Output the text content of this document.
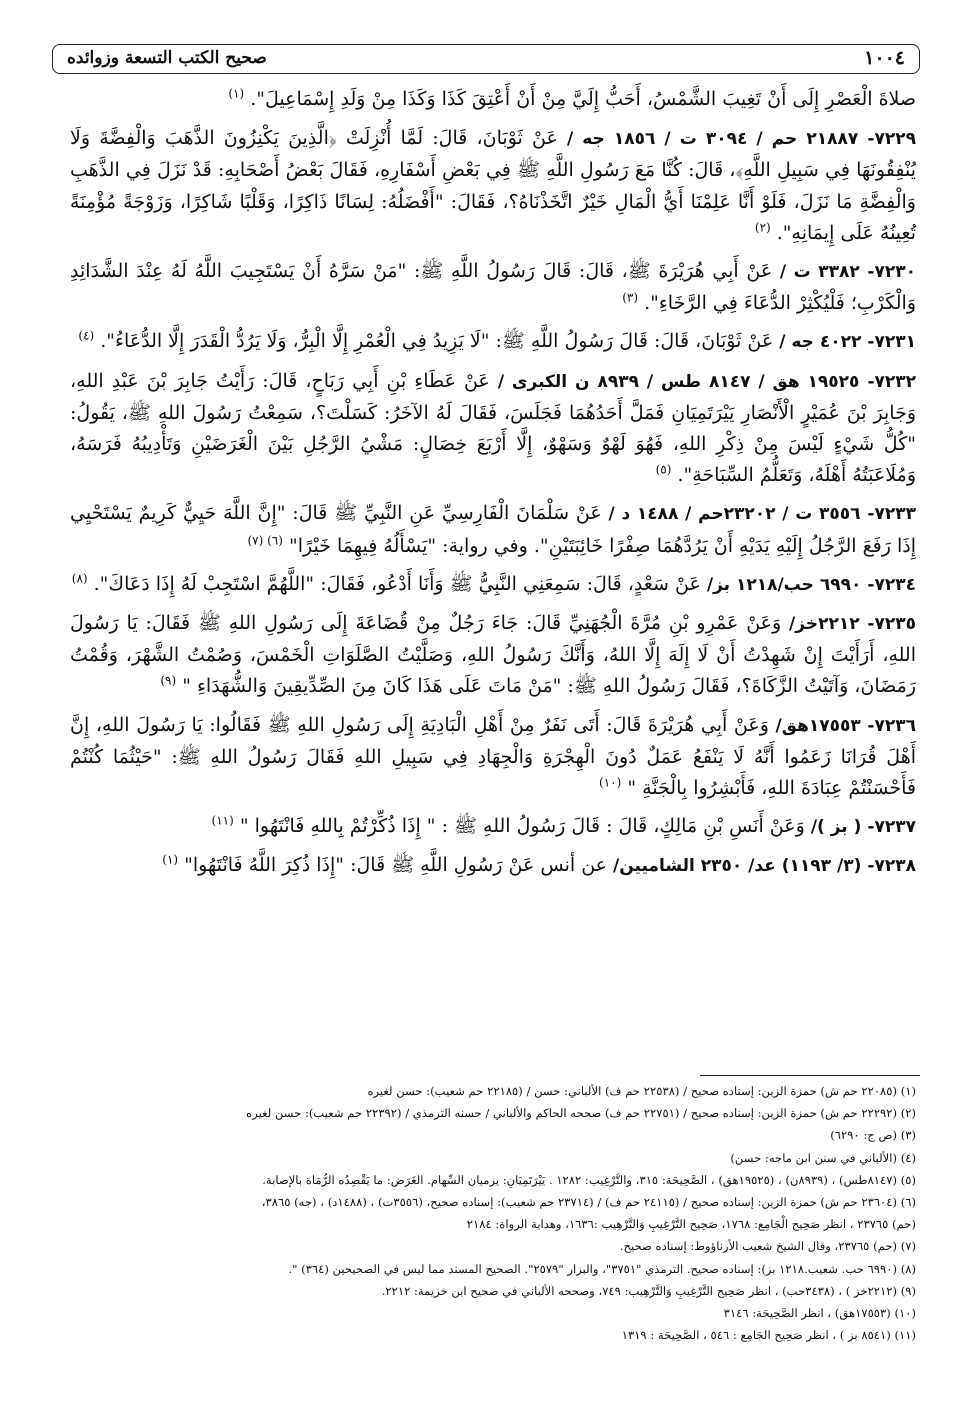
١٠٠٤
صحيح الكتب التسعة وزوائده

صلاةَ الْعَصْرِ إِلَى أَنْ تَغِيبَ الشَّمْسُ، أَحَبُّ إِلَيَّ مِنْ أَنْ أَعْتِقَ كَذَا وَكَذَا مِنْ وَلَدِ إِسْمَاعِيلَ". $^{(١)}$

٧٢٢٩- ٢١٨٨٧ حم / ٣٠٩٤ ت / ١٨٥٦ جه / عَنْ ثَوْبَانَ، قَالَ: لَمَّا أُنْزِلَتْ ﴿الَّذِينَ يَكْنِزُونَ الذَّهَبَ وَالْفِضَّةَ وَلَا يُنْفِقُونَهَا فِي سَبِيلِ اللَّهِ﴾، قَالَ: كُنَّا مَعَ رَسُولِ اللَّهِ ﷺ فِي بَعْضِ أَسْفَارِهِ، فَقَالَ بَعْضُ أَصْحَابِهِ: قَدْ نَزَلَ فِي الذَّهَبِ وَالْفِضَّةِ مَا نَزَلَ، فَلَوْ أَنَّا عَلِمْنَا أَيُّ الْمَالِ خَيْرٌ اتَّخَذْنَاهُ؟، فَقَالَ: "أَفْضَلُهُ: لِسَانًا ذَاكِرًا، وَقَلْبًا شَاكِرًا، وَزَوْجَةً مُؤْمِنَةً تُعِينُهُ عَلَى إِيمَانِهِ". $^{(٢)}$

٧٢٣٠- ٣٣٨٢ ت / عَنْ أَبِي هُرَيْرَةَ ﷺ، قَالَ: قَالَ رَسُولُ اللَّهِ ﷺ: "مَنْ سَرَّهُ أَنْ يَسْتَجِيبَ اللَّهُ لَهُ عِنْدَ الشَّدَائِدِ وَالْكَرْبِ؛ فَلْيُكْثِرْ الدُّعَاءَ فِي الرَّخَاءِ". $^{(٣)}$

٧٢٣١- ٤٠٢٢ جه / عَنْ ثَوْبَانَ، قَالَ: قَالَ رَسُولُ اللَّهِ ﷺ: "لَا يَزِيدُ فِي الْعُمْرِ إِلَّا الْبِرُّ، وَلَا يَرُدُّ الْقَدَرَ إِلَّا الدُّعَاءُ". $^{(٤)}$

٧٢٣٢- ١٩٥٢٥ هق / ٨١٤٧ طس / ٨٩٣٩ ن الكبرى / عَنْ عَطَاءِ بْنِ أَبِي رَبَاحٍ، قَالَ: رَأَيْتُ جَابِرَ بْنَ عَبْدِ اللهِ، وَجَابِرَ بْنَ عُمَيْرٍ الْأَنْصَارِ يَيْرَتَمِيَانِ فَمَلَّ أَحَدُهُمَا فَجَلَسَ، فَقَالَ لَهُ الآخَرُ: كَسَلْتَ؟، سَمِعْتُ رَسُولَ اللهِ ﷺ، يَقُولُ: "كُلُّ شَيْءٍ لَيْسَ مِنْ ذِكْرِ اللهِ، فَهُوَ لَهْوٌ وَسَهْوٌ، إِلَّا أَرْبَعَ خِصَالٍ: مَشْيُ الرَّجُلِ بَيْنَ الْغَرَضَيْنِ وَتَأْدِيبُهُ فَرَسَهُ، وَمُلَاعَبَتُهُ أَهْلَهُ، وَتَعَلُّمُ السِّبَاحَةِ". $^{(٥)}$

٧٢٣٣- ٣٥٥٦ ت / ٢٣٢٠٢حم / ١٤٨٨ د / عَنْ سَلْمَانَ الْفَارِسِيِّ عَنِ النَّبِيِّ ﷺ قَالَ: "إِنَّ اللَّهَ حَيِيٌّ كَرِيمٌ يَسْتَحْيِي إِذَا رَفَعَ الرَّجُلُ إِلَيْهِ يَدَيْهِ أَنْ يَرُدَّهُمَا صِفْرًا خَائِبَتَيْنِ". وفي رواية: "يَسْأَلُهُ فِيهِمَا خَيْرًا" $^{(٦) (٧)}$

٧٢٣٤- ٦٩٩٠ حب/١٢١٨ بز/ عَنْ سَعْدٍ، قَالَ: سَمِعَنِي النَّبِيُّ ﷺ وَأَنَا أَدْعُو، فَقَالَ: "اللَّهُمَّ اسْتَجِبْ لَهُ إِذَا دَعَاكَ". $^{(٨)}$

٧٢٣٥- ٢٢١٢خز/ وَعَنْ عَمْرِو بْنِ مُرَّةَ الْجُهَنِيِّ قَالَ: جَاءَ رَجُلٌ مِنْ قُضَاعَةَ إِلَى رَسُولِ اللهِ ﷺ فَقَالَ: يَا رَسُولَ اللهِ، أَرَأَيْتَ إِنْ شَهِدْتُ أَنْ لَا إِلَهَ إِلَّا اللهُ، وَأَنَّكَ رَسُولُ اللهِ، وَصَلَّيْتُ الصَّلَوَاتِ الْخَمْسَ، وَصُمْتُ الشَّهْرَ، وَقُمْتُ رَمَضَانَ، وَآتَيْتُ الزَّكَاةَ؟، فَقَالَ رَسُولُ اللهِ ﷺ: "مَنْ مَاتَ عَلَى هَذَا كَانَ مِنَ الصِّدِّيقِينَ وَالشُّهَدَاءِ " $^{(٩)}$

٧٢٣٦- ١٧٥٥٣هق/ وَعَنْ أَبِي هُرَيْرَةَ قَالَ: أَتَى نَفَرٌ مِنْ أَهْلِ الْبَادِيَةِ إِلَى رَسُولِ اللهِ ﷺ فَقَالُوا: يَا رَسُولَ اللهِ، إِنَّ أَهْلَ قُرَانَا زَعَمُوا أَنَّهُ لَا يَنْفَعُ عَمَلٌ دُونَ الْهِجْرَةِ وَالْجِهَادِ فِي سَبِيلِ اللهِ فَقَالَ رَسُولُ اللهِ ﷺ: "حَيْثُمَا كُنْتُمْ فَأَحْسَنْتُمْ عِبَادَةَ اللهِ، فَأَبْشِرُوا بِالْجَنَّةِ " $^{(١٠)}$

٧٢٣٧- ( بز )/ وَعَنْ أَنَسِ بْنِ مَالِكٍ، قَالَ : قَالَ رَسُولُ اللهِ ﷺ : " إِذَا ذُكِّرْتُمْ بِاللهِ فَانْتَهُوا " $^{(١١)}$

٧٢٣٨- (٣/ ١١٩٣) عد/ ٢٣٥٠ الشامیین/ عن أنس عَنْ رَسُولِ اللَّهِ ﷺ قَالَ: "إِذَا ذُكِرَ اللَّهُ فَانْتَهُوا" $^{(١)}$

(١) (٢٢٠٨٥ حم ش) حمزة الزين: إسناده صحيح / (٢٢٥٣٨ حم ف) الألباني: حسن / (٢٢١٨٥ حم شعيب): حسن لغيره
(٢) (٢٢٢٩٢ حم ش) حمزة الزين: إسناده صحيح / (٢٢٧٥١ حم ف) صححه الحاكم والألباني / حسنه الترمذي / (٢٢٣٩٢ حم شعيب): حسن لغيره
(٣) (ص ج: ٦٢٩٠)
(٤) (الألباني في سنن ابن ماجه: حسن)
(٥) (٨١٤٧طس) ، (٨٩٣٩ن) ، (١٩٥٢٥هق) ، الصَّحِيحَة: ٣١٥، والتَّرْغِيب: ١٢٨٢ . يَيْرَتَمِيَانِ: يرميان السِّهام. الغَرَض: ما يَقْصِدُه الرُّمَاة بالإصابة.
(٦) (٢٣٦٠٤ حم ش) حمزة الزين: إسناده صحيح / (٢٤١١٥ حم ف) / (٢٣٧١٤ حم شعيب): إسناده صحيح، (٣٥٥٦ت) ، (١٤٨٨د) ، (جه) ٣٨٦٥،
(حم) ٢٣٧٦٥ ، انظر صَحِيح الْجَامِع: ١٧٦٨، صَحِيح التَّرْغِيبِ وَالتَّرْهِيب :١٦٣٦، وهداية الرواة: ٢١٨٤
(٧) (حم) ٢٣٧٦٥، وقال الشيخ شعيب الأرناؤوط: إسناده صحيح.
(٨) (٦٩٩٠ حب. شعيب.١٢١٨ بز): إسناده صحيح. الترمذي "٣٧٥١"، والبزار "٢٥٧٩". الصحيح المسند مما ليس في الصحيحين (٣٦٤) ".
(٩) (٢٢١٢خز ) ، (٣٤٣٨حب) ، انظر صَحِيح التَّرْغِيبِ وَالتَّرْهِيب: ٧٤٩، وصححه الألباني في صحيح ابن خزيمة: ٢٢١٢.
(١٠) (١٧٥٥٣هق) ، انظر الصَّحِيحَة: ٣١٤٦
(١١) (٨٥٤١ بز ) ، انظر صَحِيح الجَامِع : ٥٤٦ ، الصَّحِيحَة : ١٣١٩
